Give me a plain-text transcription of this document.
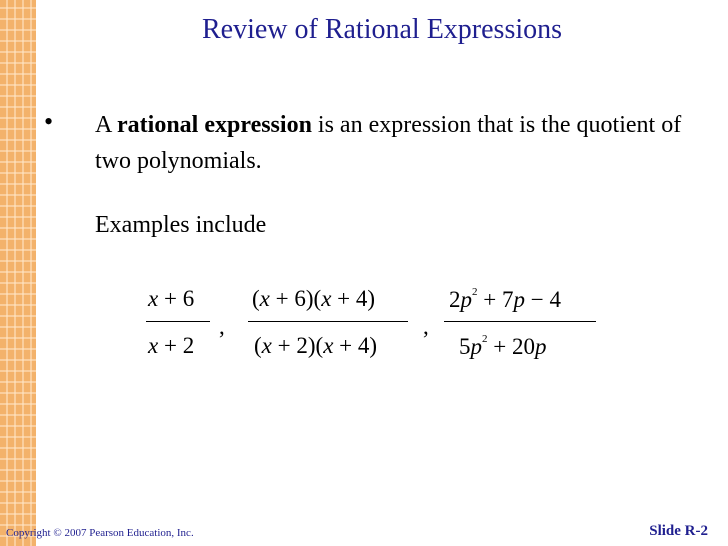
Review of Rational Expressions
• A rational expression is an expression that is the quotient of two polynomials.
Examples include
x + 6
x + 2
,
(x + 6)(x + 4)
(x + 2)(x + 4)
,
$2p^2 + 7p - 4$
$5p^2 + 20p$
Copyright © 2007 Pearson Education, Inc.	Slide R-2
